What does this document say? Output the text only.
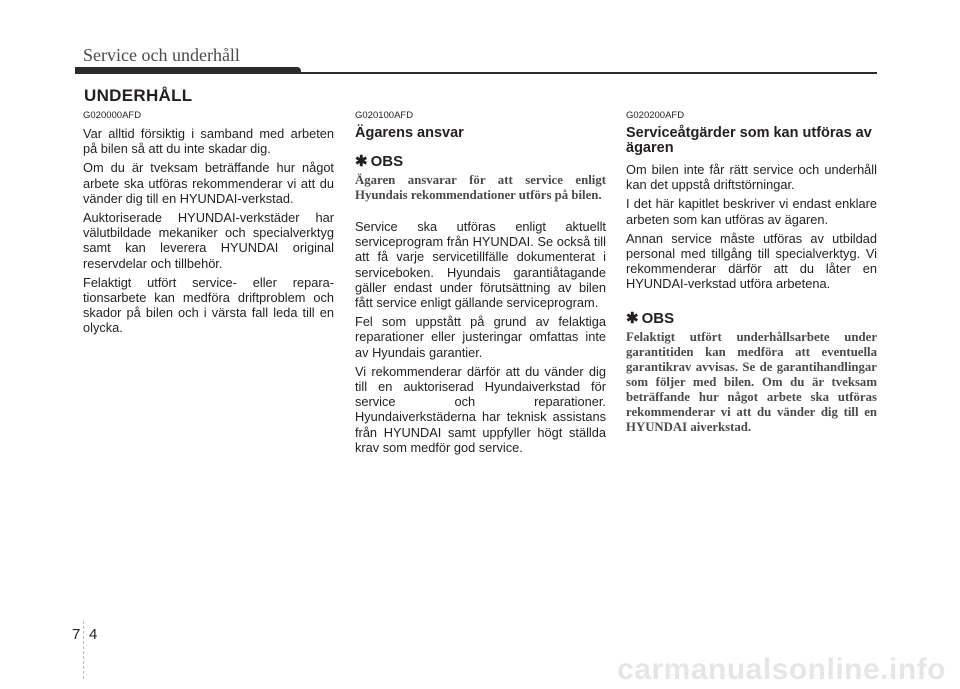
Service och underhåll
UNDERHÅLL

G020000AFD

Var alltid försiktig i samband med arbeten på bilen så att du inte skadar dig.

Om du är tveksam beträffande hur något arbete ska utföras rekommenderar vi att du vänder dig till en HYUNDAI-verkstad.

Auktoriserade HYUNDAI-verkstäder har välutbildade mekaniker och specialverktyg samt kan leverera HYUNDAI original reservdelar och tillbehör.

Felaktigt utfört service- eller repara-tionsarbete kan medföra driftproblem och skador på bilen och i värsta fall leda till en olycka.

G020100AFD

Ägarens ansvar

✱ OBS

Ägaren ansvarar för att service enligt Hyundais rekommendationer utförs på bilen.

Service ska utföras enligt aktuellt serviceprogram från HYUNDAI. Se också till att få varje servicetillfälle dokumenterat i serviceboken. Hyundais garantiåtagande gäller endast under förutsättning av bilen fått service enligt gällande serviceprogram.

Fel som uppstått på grund av felaktiga reparationer eller justeringar omfattas inte av Hyundais garantier.

Vi rekommenderar därför att du vänder dig till en auktoriserad Hyundaiverkstad för service och reparationer. Hyundaiverkstäderna har teknisk assistans från HYUNDAI samt uppfyller högt ställda krav som medför god service.

G020200AFD

Serviceåtgärder som kan utföras av ägaren

Om bilen inte får rätt service och underhåll kan det uppstå driftstörningar.

I det här kapitlet beskriver vi endast enklare arbeten som kan utföras av ägaren.

Annan service måste utföras av utbildad personal med tillgång till specialverktyg. Vi rekommenderar därför att du låter en HYUNDAI-verkstad utföra arbetena.

✱ OBS

Felaktigt utfört underhållsarbete under garantitiden kan medföra att eventuella garantikrav avvisas. Se de garantihandlingar som följer med bilen. Om du är tveksam beträffande hur något arbete ska utföras rekommenderar vi att du vänder dig till en HYUNDAI aiverkstad.

7 4
carmanualsonline.info
